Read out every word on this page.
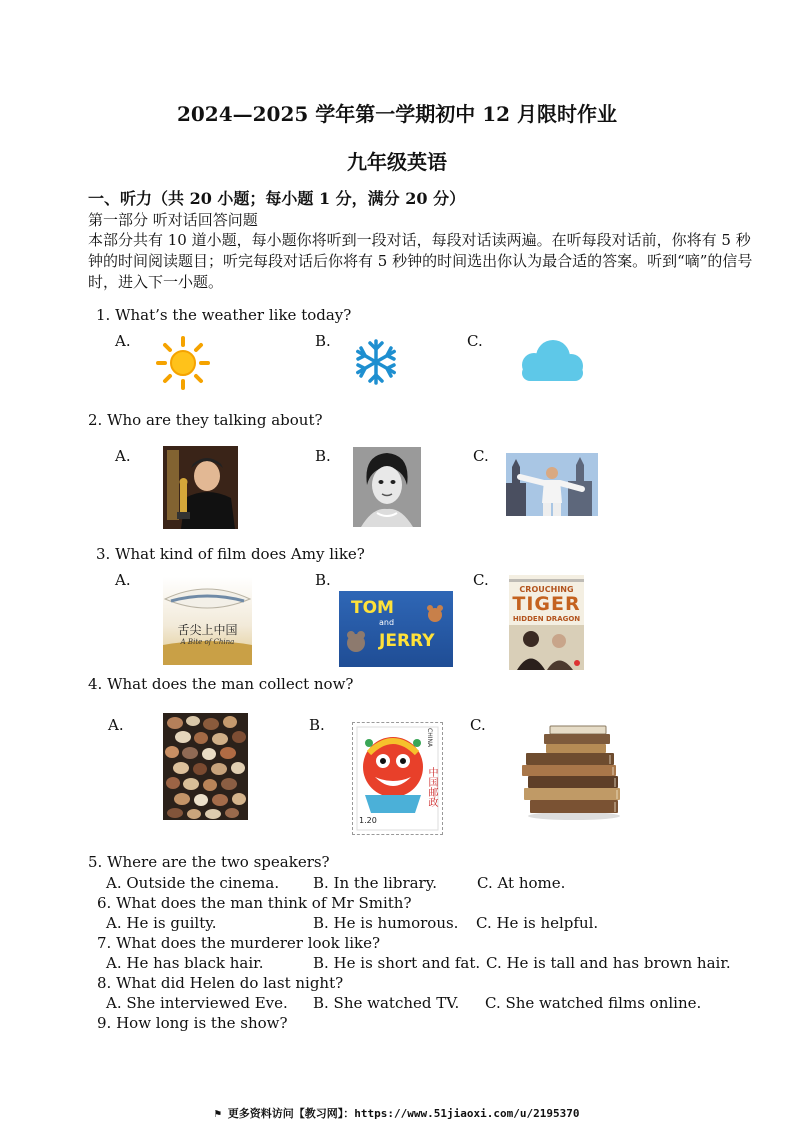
2024—2025 学年第一学期初中 12 月限时作业
九年级英语
一、听力（共 20 小题；每小题 1 分，满分 20 分）
第一部分 听对话回答问题
本部分共有 10 道小题，每小题你将听到一段对话，每段对话读两遍。在听每段对话前，你将有 5 秒钟的时间阅读题目；听完每段对话后你将有 5 秒钟的时间选出你认为最合适的答案。听到“嘀”的信号时，进入下一小题。
1. What’s the weather like today?
A.	B.	C.
2. Who are they talking about?
A.	B.	C.
3. What kind of film does Amy like?
A.	B.	C.
舌尖上中国
A Bite of China
TOM
and
JERRY
CROUCHING
TIGER
HIDDEN DRAGON
4. What does the man collect now?
A.	B.	C.
CHINA
中国邮政
1.20
5. Where are the two speakers?
A. Outside the cinema. B. In the library.	C. At home.
6. What does the man think of Mr Smith?
A. He is guilty.	B. He is humorous. C. He is helpful.
7. What does the murderer look like?
A. He has black hair.	B. He is short and fat. C. He is tall and has brown hair.
8. What did Helen do last night?
A. She interviewed Eve. B. She watched TV. C. She watched films online.
9. How long is the show?
⚑ 更多资料访问【教习网】：https://www.51jiaoxi.com/u/2195370
